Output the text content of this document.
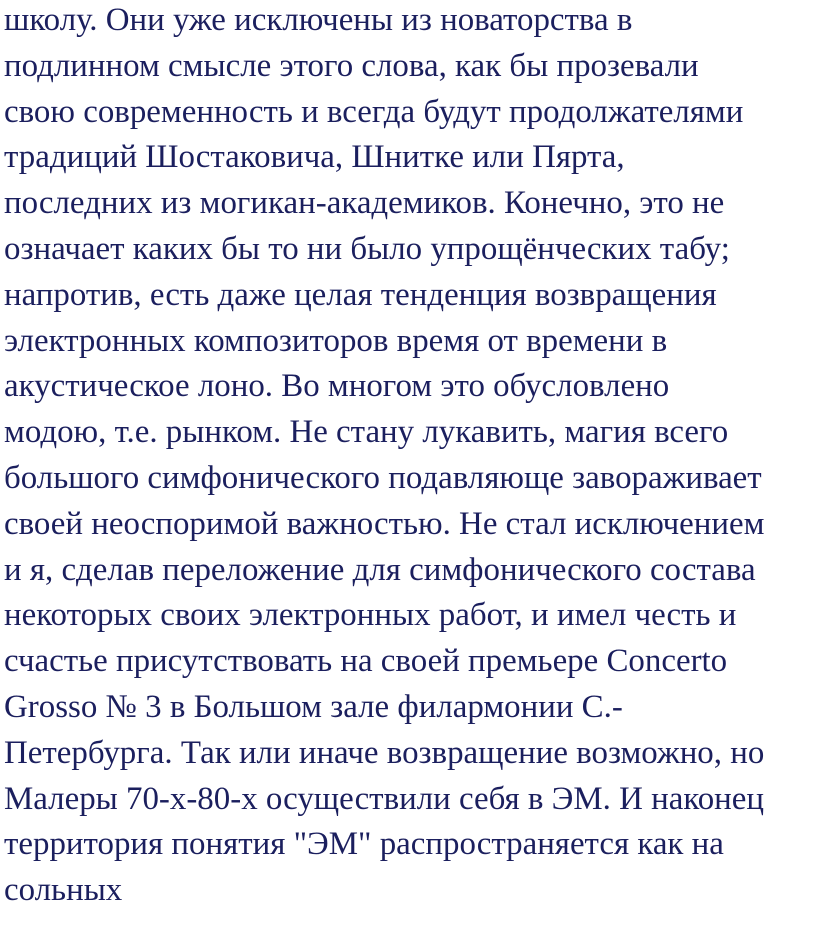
школу. Они уже исключены из новаторства в
подлинном смысле этого слова, как бы прозевали
свою современность и всегда будут продолжателями
традиций Шостаковича, Шнитке или Пярта,
последних из могикан-академиков. Конечно, это не
означает каких бы то ни было упрощёнческих табу;
напротив, есть даже целая тенденция возвращения
электронных композиторов время от времени в
акустическое лоно. Во многом это обусловлено
модою, т.е. рынком. Не стану лукавить, магия всего
большого симфонического подавляюще завораживает
своей неоспоримой важностью. Не стал исключением
и я, сделав переложение для симфонического состава
некоторых своих электронных работ, и имел честь и
счастье присутствовать на своей премьере Concerto
Grosso № 3 в Большом зале филармонии С.-
Петербурга. Так или иначе возвращение возможно, но
Малеры 70-х-80-х осуществили себя в ЭМ. И наконец
территория понятия "ЭМ" распространяется как на
сольных
